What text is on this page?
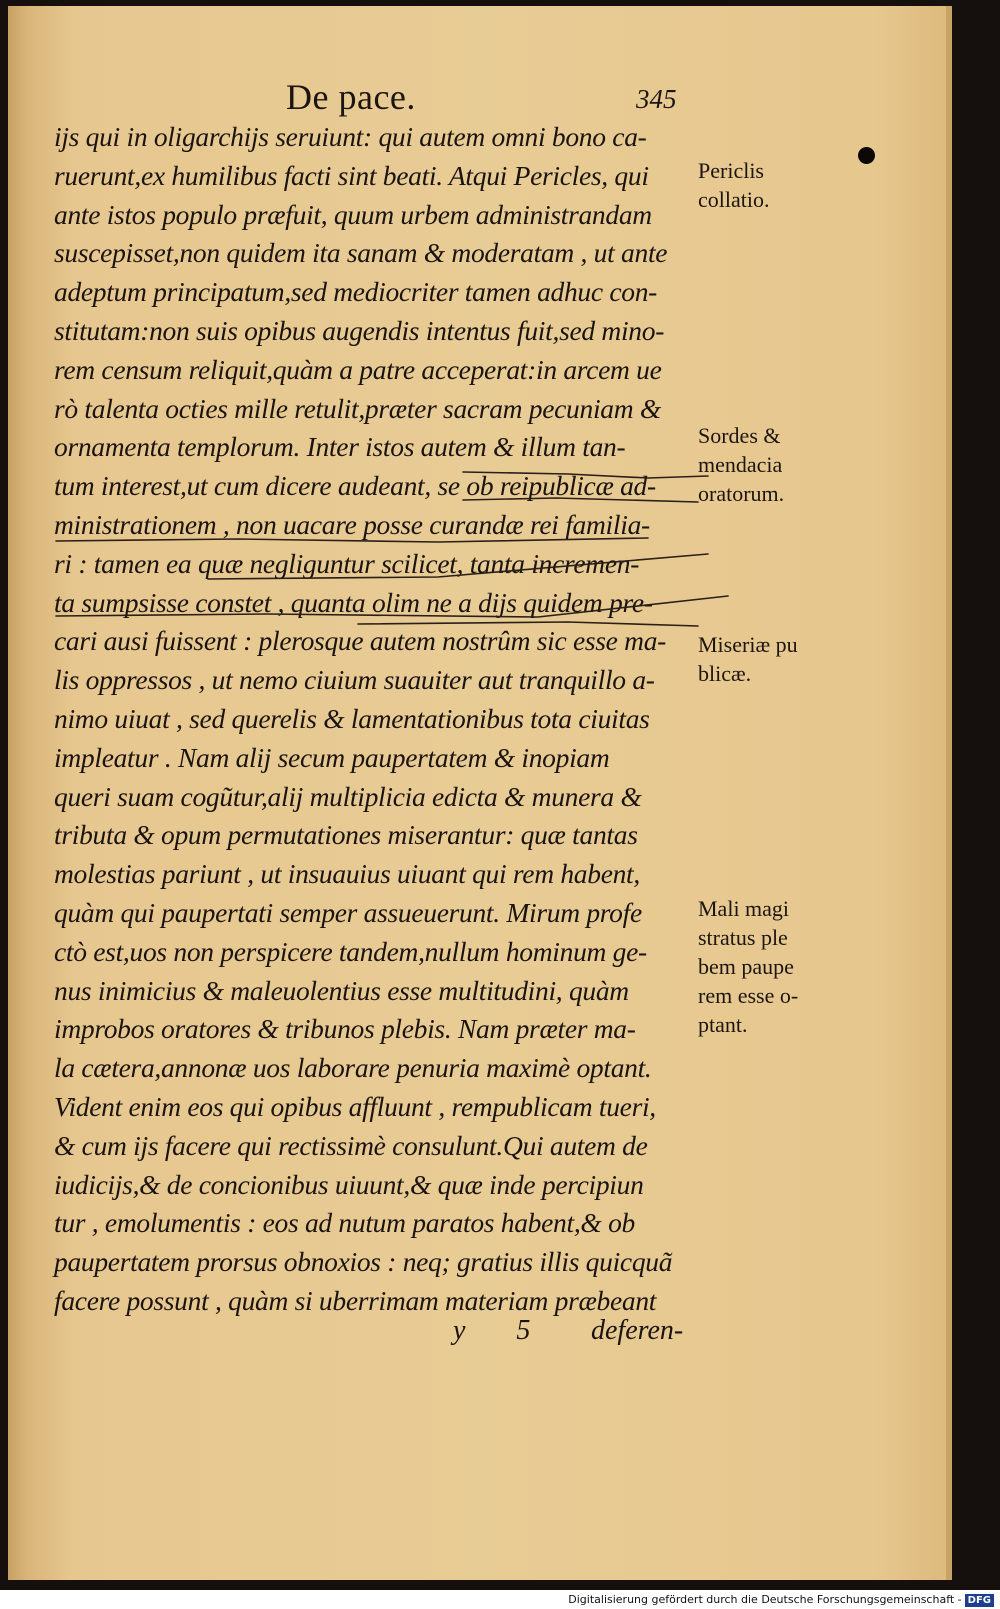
De pace.	345
ijs qui in oligarchijs seruiunt: qui autem omni bono ca-
ruerunt,ex humilibus facti sint beati. Atqui Pericles, qui
ante istos populo præfuit, quum urbem administrandam
suscepisset,non quidem ita sanam & moderatam , ut ante
adeptum principatum,sed mediocriter tamen adhuc con-
stitutam:non suis opibus augendis intentus fuit,sed mino-
rem censum reliquit,quàm a patre acceperat:in arcem ue
rò talenta octies mille retulit,præter sacram pecuniam &
ornamenta templorum. Inter istos autem & illum tan-
tum interest,ut cum dicere audeant, se ob reipublicæ ad-
ministrationem , non uacare posse curandæ rei familia-
ri : tamen ea quæ negliguntur scilicet, tanta incremen-
ta sumpsisse constet , quanta olim ne a dijs quidem pre-
cari ausi fuissent : plerosque autem nostrûm sic esse ma-
lis oppressos , ut nemo ciuium suauiter aut tranquillo a-
nimo uiuat , sed querelis & lamentationibus tota ciuitas
impleatur . Nam alij secum paupertatem & inopiam
queri suam cogũtur,alij multiplicia edicta & munera &
tributa & opum permutationes miserantur: quæ tantas
molestias pariunt , ut insuauius uiuant qui rem habent,
quàm qui paupertati semper assueuerunt. Mirum profe
ctò est,uos non perspicere tandem,nullum hominum ge-
nus inimicius & maleuolentius esse multitudini, quàm
improbos oratores & tribunos plebis. Nam præter ma-
la cætera,annonæ uos laborare penuria maximè optant.
Vident enim eos qui opibus affluunt , rempublicam tueri,
& cum ijs facere qui rectissimè consulunt.Qui autem de
iudicijs,& de concionibus uiuunt,& quæ inde percipiun
tur , emolumentis : eos ad nutum paratos habent,& ob
paupertatem prorsus obnoxios : neq; gratius illis quicquã
facere possunt , quàm si uberrimam materiam præbeant
y 5 deferen-
Periclis
collatio.
Sordes &
mendacia
oratorum.
Miseriæ pu
blicæ.
Mali magi
stratus ple
bem paupe
rem esse o-
ptant.
Digitalisierung gefördert durch die Deutsche Forschungsgemeinschaft - DFG
